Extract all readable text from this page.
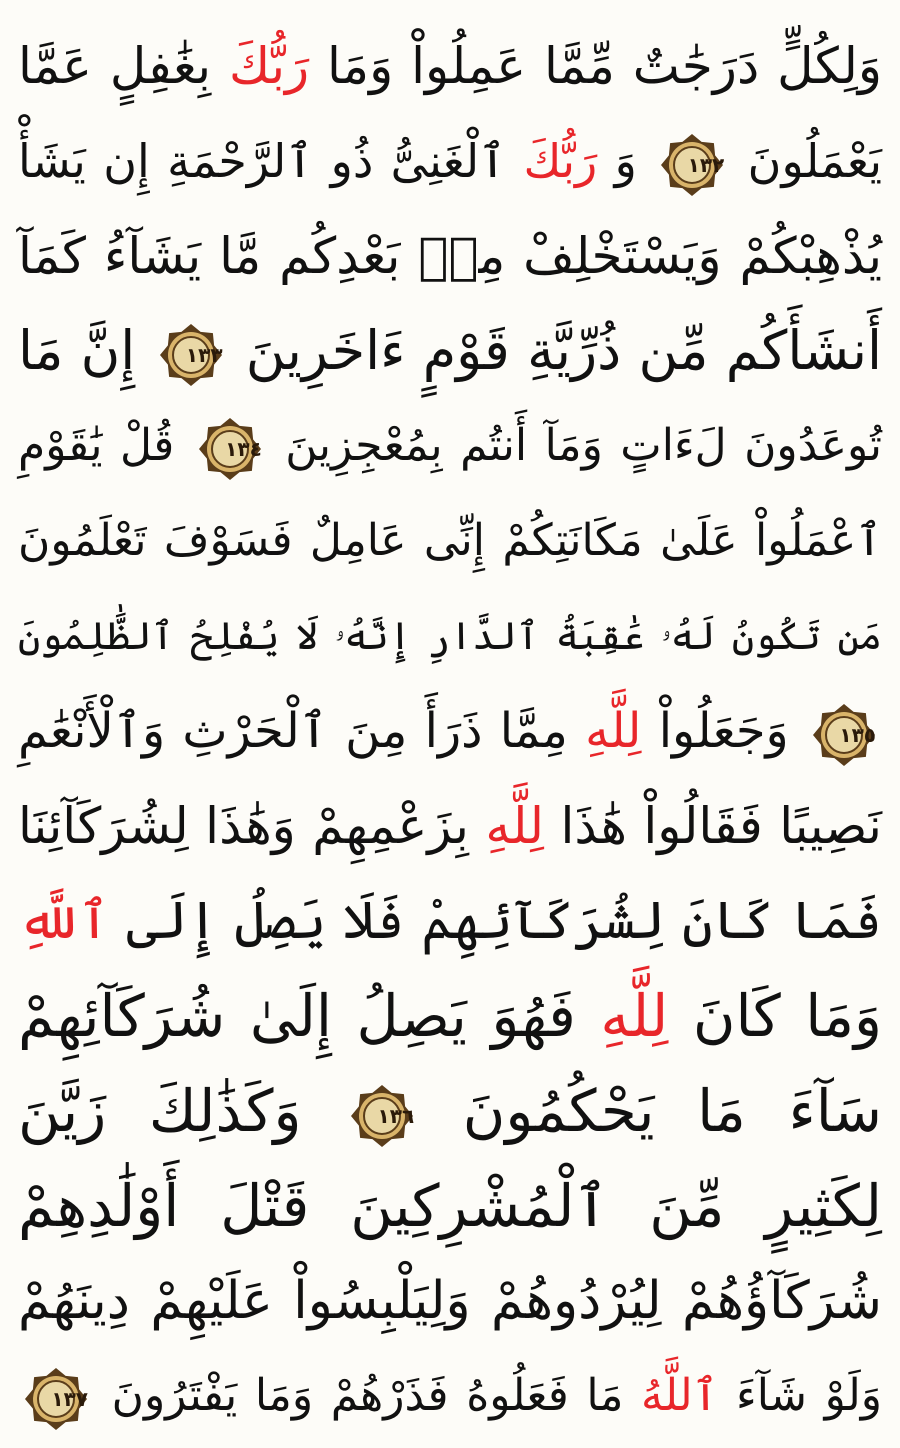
وَلِكُلٍّ دَرَجَٰتٌ مِّمَّا عَمِلُواْ وَمَا رَبُّكَ بِغَٰفِلٍ عَمَّا
يَعْمَلُونَ
١٣٢
وَ رَبُّكَ ٱلْغَنِىُّ ذُو ٱلرَّحْمَةِ إِن يَشَأْ
يُذْهِبْكُمْ وَيَسْتَخْلِفْ مِنۢ بَعْدِكُم مَّا يَشَآءُ كَمَآ
أَنشَأَكُم مِّن ذُرِّيَّةِ قَوْمٍ ءَاخَرِينَ
١٣٣
إِنَّ مَا
تُوعَدُونَ لَءَاتٍ وَمَآ أَنتُم بِمُعْجِزِينَ
١٣٤
قُلْ يَٰقَوْمِ
ٱعْمَلُواْ عَلَىٰ مَكَانَتِكُمْ إِنِّى عَامِلٌ فَسَوْفَ تَعْلَمُونَ
مَن تَكُونُ لَهُۥ عَٰقِبَةُ ٱلدَّارِ إِنَّهُۥ لَا يُفْلِحُ ٱلظَّٰلِمُونَ
١٣٥
وَجَعَلُواْ لِلَّهِ مِمَّا ذَرَأَ مِنَ ٱلْحَرْثِ وَٱلْأَنْعَٰمِ
نَصِيبًا فَقَالُواْ هَٰذَا لِلَّهِ بِزَعْمِهِمْ وَهَٰذَا لِشُرَكَآئِنَا
فَمَا كَانَ لِشُرَكَآئِهِمْ فَلَا يَصِلُ إِلَى ٱللَّهِ
وَمَا كَانَ لِلَّهِ فَهُوَ يَصِلُ إِلَىٰ شُرَكَآئِهِمْ
سَآءَ مَا يَحْكُمُونَ
١٣٦
وَكَذَٰلِكَ زَيَّنَ
لِكَثِيرٍ مِّنَ ٱلْمُشْرِكِينَ قَتْلَ أَوْلَٰدِهِمْ
شُرَكَآؤُهُمْ لِيُرْدُوهُمْ وَلِيَلْبِسُواْ عَلَيْهِمْ دِينَهُمْ
وَلَوْ شَآءَ ٱللَّهُ مَا فَعَلُوهُ فَذَرْهُمْ وَمَا يَفْتَرُونَ
١٣٧
